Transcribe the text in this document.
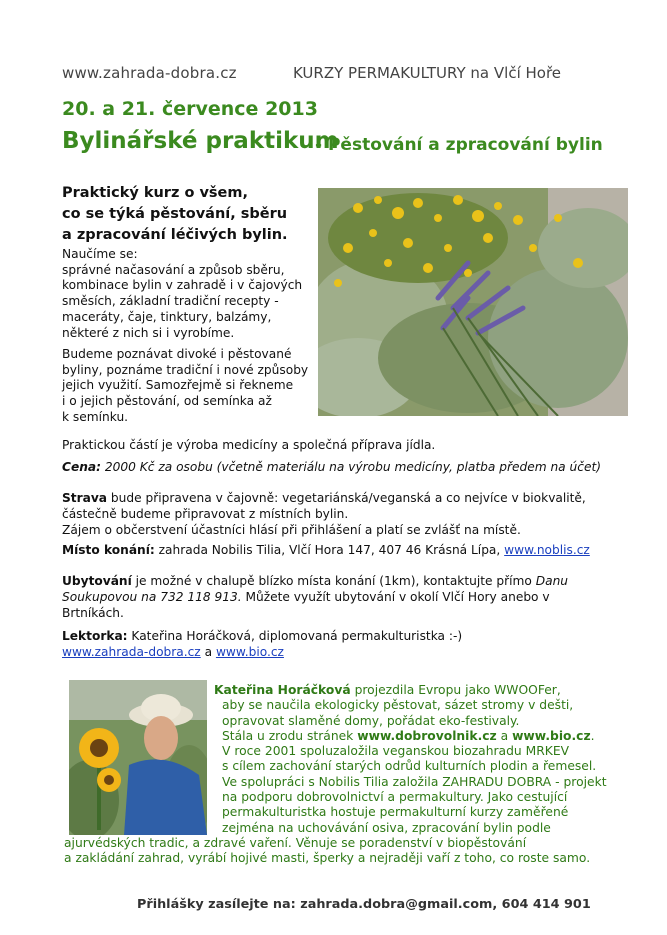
www.zahrada-dobra.cz	KURZY PERMAKULTURY na Vlčí Hoře
20. a 21. července 2013
Bylinářské praktikum
- Pěstování a zpracování bylin
Praktický kurz o všem,
co se týká pěstování, sběru
a zpracování léčivých bylin.
Naučíme se:
správné načasování a způsob sběru,
kombinace bylin v zahradě i v čajových
směsích, základní tradiční recepty -
maceráty, čaje, tinktury, balzámy,
některé z nich si i vyrobíme.
Budeme poznávat divoké i pěstované
byliny, poznáme tradiční i nové způsoby
jejich využití. Samozřejmě si řekneme
i o jejich pěstování, od semínka až
k semínku.
Praktickou částí je výroba medicíny a společná příprava jídla.
Cena: 2000 Kč za osobu (včetně materiálu na výrobu medicíny, platba předem na účet)
Strava bude připravena v čajovně: vegetariánská/veganská a co nejvíce v biokvalitě,
částečně budeme připravovat z místních bylin.
Zájem o občerstvení účastníci hlásí při přihlášení a platí se zvlášť na místě.
Místo konání: zahrada Nobilis Tilia, Vlčí Hora 147, 407 46 Krásná Lípa, www.noblis.cz
Ubytování je možné v chalupě blízko místa konání (1km), kontaktujte přímo Danu
Soukupovou na 732 118 913. Můžete využít ubytování v okolí Vlčí Hory anebo v
Brtníkách.
Lektorka: Kateřina Horáčková, diplomovaná permakulturistka :-)
www.zahrada-dobra.cz a www.bio.cz
Kateřina Horáčková projezdila Evropu jako WWOOFer,
aby se naučila ekologicky pěstovat, sázet stromy v dešti,
opravovat slaměné domy, pořádat eko-festivaly.
Stála u zrodu stránek www.dobrovolnik.cz a www.bio.cz.
V roce 2001 spoluzaložila veganskou biozahradu MRKEV
s cílem zachování starých odrůd kulturních plodin a řemesel.
Ve spolupráci s Nobilis Tilia založila ZAHRADU DOBRA - projekt
na podporu dobrovolnictví a permakultury. Jako cestující
permakulturistka hostuje permakulturní kurzy zaměřené
zejména na uchovávání osiva, zpracování bylin podle
ajurvédských tradic, a zdravé vaření. Věnuje se poradenství v biopěstování
a zakládání zahrad, vyrábí hojivé masti, šperky a nejraději vaří z toho, co roste samo.
Přihlášky zasílejte na: zahrada.dobra@gmail.com, 604 414 901
